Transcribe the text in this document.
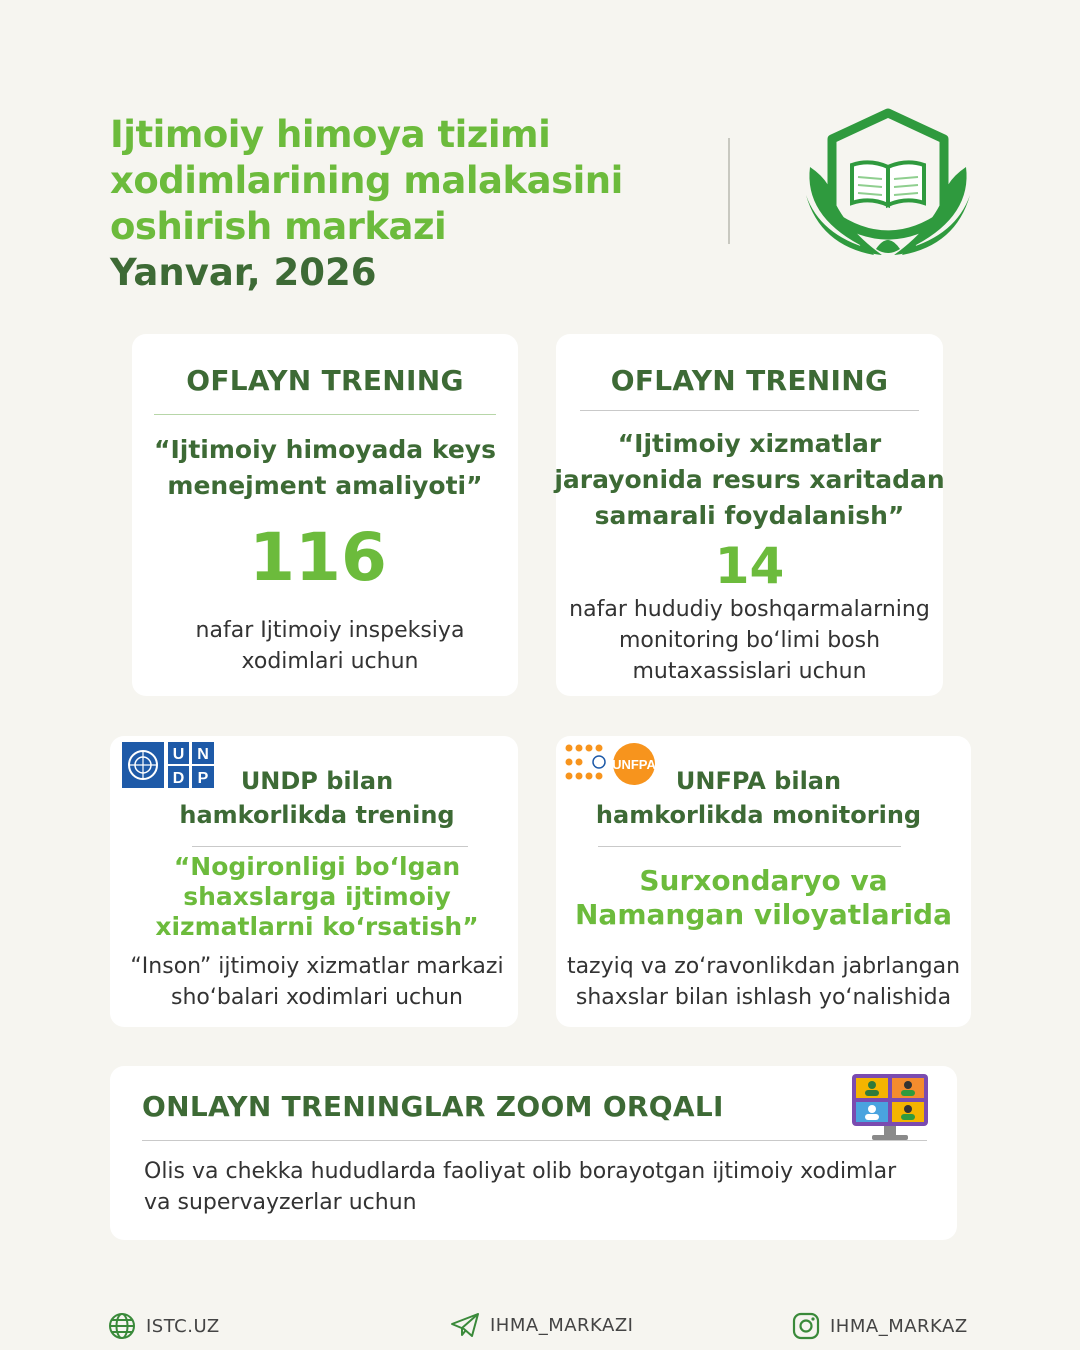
Ijtimoiy himoya tizimi
xodimlarining malakasini
oshirish markazi
Yanvar, 2026
OFLAYN TRENING
“Ijtimoiy himoyada keys
menejment amaliyoti”
116
nafar Ijtimoiy inspeksiya
xodimlari uchun
OFLAYN TRENING
“Ijtimoiy xizmatlar
jarayonida resurs xaritadan
samarali foydalanish”
14
nafar hududiy boshqarmalarning
monitoring bo‘limi bosh
mutaxassislari uchun
U N
D P	UNDP bilan
hamkorlikda trening
“Nogironligi bo‘lgan
shaxslarga ijtimoiy
xizmatlarni ko‘rsatish”
“Inson” ijtimoiy xizmatlar markazi
sho‘balari xodimlari uchun
UNFPA
UNFPA bilan
hamkorlikda monitoring
Surxondaryo va
Namangan viloyatlarida
tazyiq va zo‘ravonlikdan jabrlangan
shaxslar bilan ishlash yo‘nalishida
ONLAYN TRENINGLAR ZOOM ORQALI
Olis va chekka hududlarda faoliyat olib borayotgan ijtimoiy xodimlar
va supervayzerlar uchun
ISTC.UZ	IHMA_MARKAZI	IHMA_MARKAZ
